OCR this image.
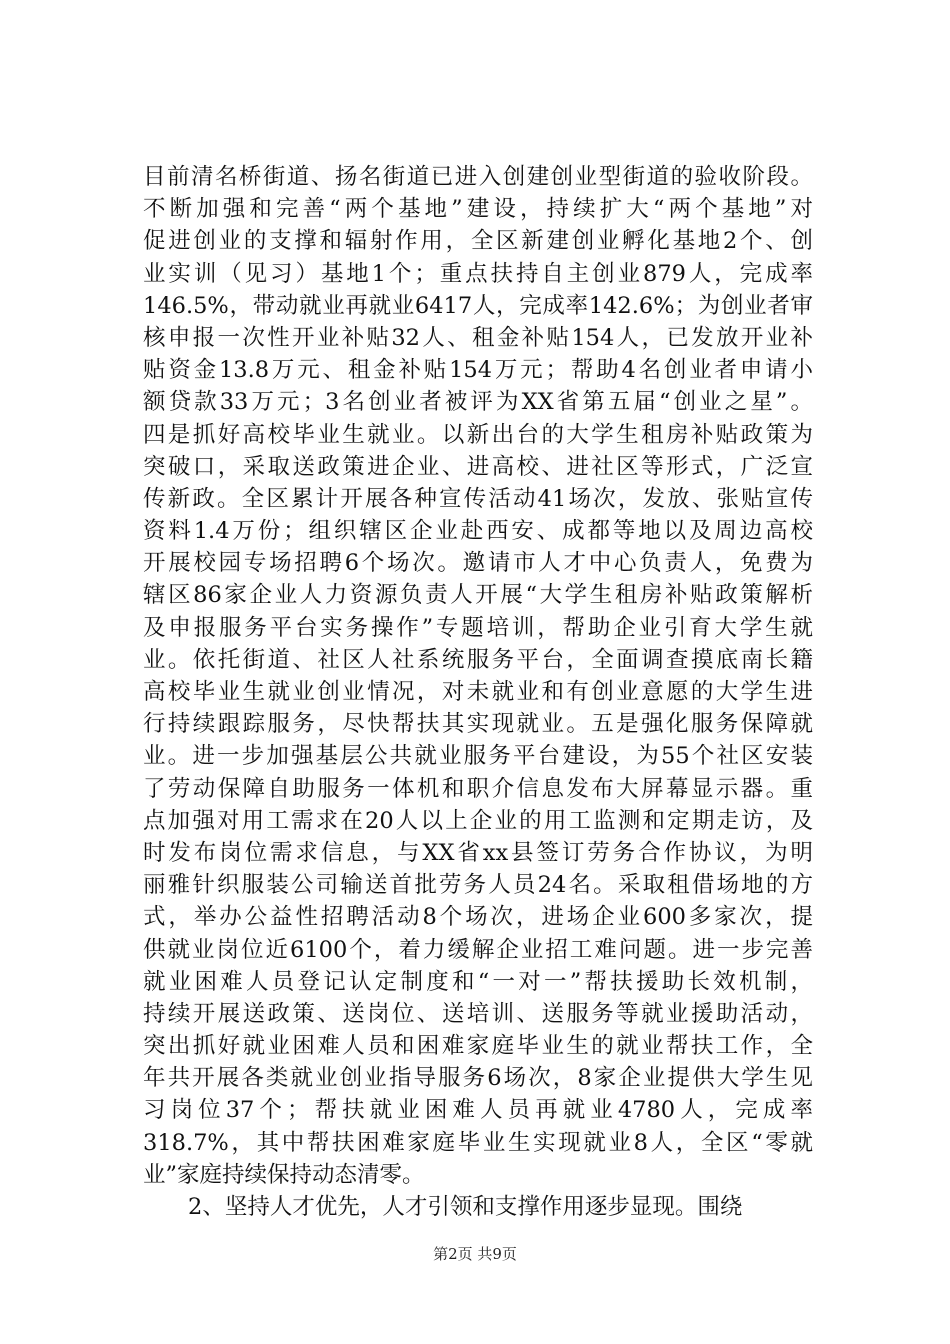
目前清名桥街道、扬名街道已进入创建创业型街道的验收阶段。
不断加强和完善“两个基地”建设，持续扩大“两个基地”对
促进创业的支撑和辐射作用，全区新建创业孵化基地2个、创
业实训（见习）基地1个；重点扶持自主创业879人，完成率
146.5%，带动就业再就业6417人，完成率142.6%；为创业者审
核申报一次性开业补贴32人、租金补贴154人，已发放开业补
贴资金13.8万元、租金补贴154万元；帮助4名创业者申请小
额贷款33万元；3名创业者被评为XX省第五届“创业之星”。
四是抓好高校毕业生就业。以新出台的大学生租房补贴政策为
突破口，采取送政策进企业、进高校、进社区等形式，广泛宣
传新政。全区累计开展各种宣传活动41场次，发放、张贴宣传
资料1.4万份；组织辖区企业赴西安、成都等地以及周边高校
开展校园专场招聘6个场次。邀请市人才中心负责人，免费为
辖区86家企业人力资源负责人开展“大学生租房补贴政策解析
及申报服务平台实务操作”专题培训，帮助企业引育大学生就
业。依托街道、社区人社系统服务平台，全面调查摸底南长籍
高校毕业生就业创业情况，对未就业和有创业意愿的大学生进
行持续跟踪服务，尽快帮扶其实现就业。五是强化服务保障就
业。进一步加强基层公共就业服务平台建设，为55个社区安装
了劳动保障自助服务一体机和职介信息发布大屏幕显示器。重
点加强对用工需求在20人以上企业的用工监测和定期走访，及
时发布岗位需求信息，与XX省xx县签订劳务合作协议，为明
丽雅针织服装公司输送首批劳务人员24名。采取租借场地的方
式，举办公益性招聘活动8个场次，进场企业600多家次，提
供就业岗位近6100个，着力缓解企业招工难问题。进一步完善
就业困难人员登记认定制度和“一对一”帮扶援助长效机制，
持续开展送政策、送岗位、送培训、送服务等就业援助活动，
突出抓好就业困难人员和困难家庭毕业生的就业帮扶工作，全
年共开展各类就业创业指导服务6场次，8家企业提供大学生见
习岗位37个；帮扶就业困难人员再就业4780人，完成率
318.7%，其中帮扶困难家庭毕业生实现就业8人，全区“零就
业”家庭持续保持动态清零。
　　2、坚持人才优先，人才引领和支撑作用逐步显现。围绕
第2页 共9页
